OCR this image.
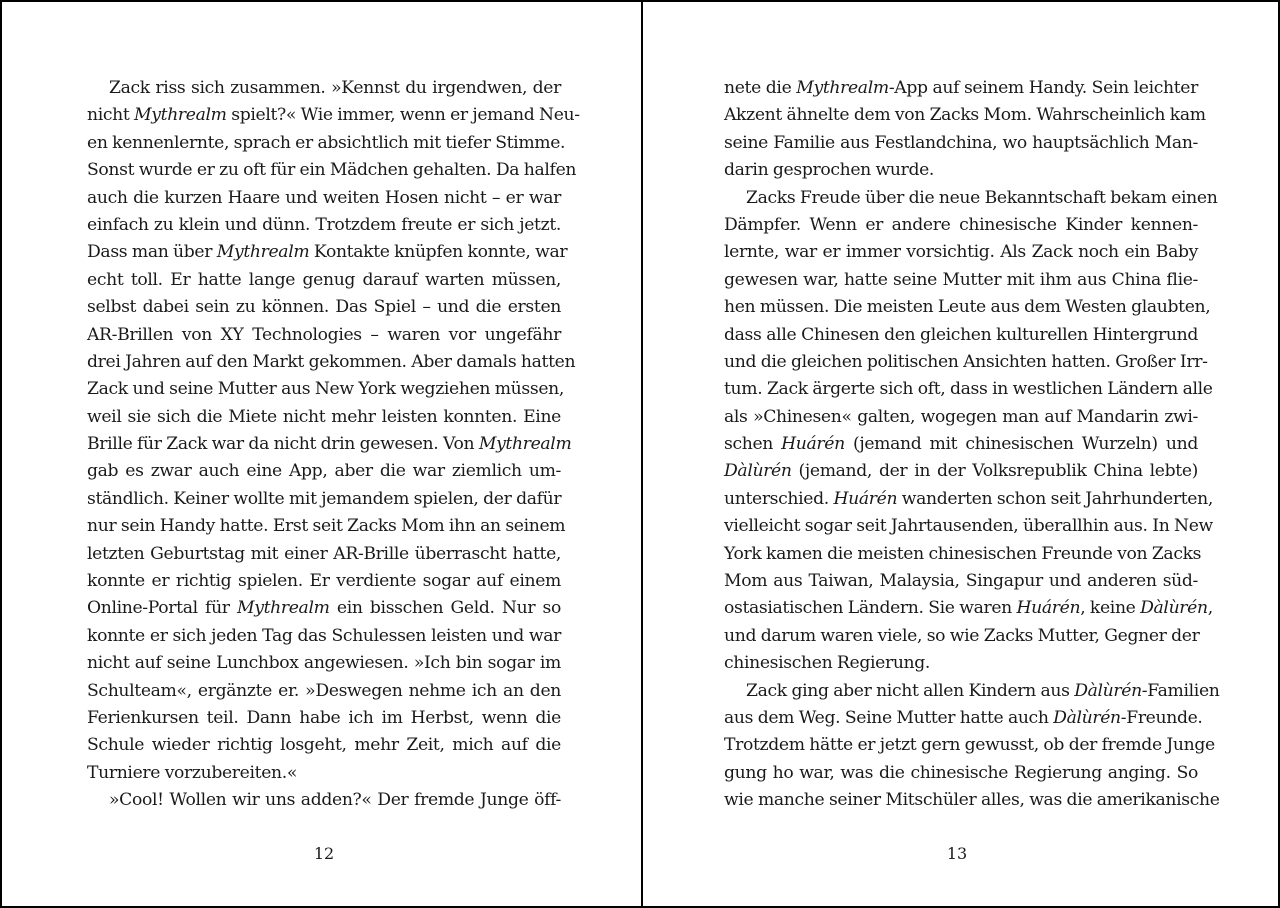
Zack riss sich zusammen. »Kennst du irgendwen, der
nicht Mythrealm spielt?« Wie immer, wenn er jemand Neu-
en kennenlernte, sprach er absichtlich mit tiefer Stimme.
Sonst wurde er zu oft für ein Mädchen gehalten. Da halfen
auch die kurzen Haare und weiten Hosen nicht – er war
einfach zu klein und dünn. Trotzdem freute er sich jetzt.
Dass man über Mythrealm Kontakte knüpfen konnte, war
echt toll. Er hatte lange genug darauf warten müssen,
selbst dabei sein zu können. Das Spiel – und die ersten
AR-Brillen von XY Technologies – waren vor ungefähr
drei Jahren auf den Markt gekommen. Aber damals hatten
Zack und seine Mutter aus New York wegziehen müssen,
weil sie sich die Miete nicht mehr leisten konnten. Eine
Brille für Zack war da nicht drin gewesen. Von Mythrealm
gab es zwar auch eine App, aber die war ziemlich um-
ständlich. Keiner wollte mit jemandem spielen, der dafür
nur sein Handy hatte. Erst seit Zacks Mom ihn an seinem
letzten Geburtstag mit einer AR-Brille überrascht hatte,
konnte er richtig spielen. Er verdiente sogar auf einem
Online-Portal für Mythrealm ein bisschen Geld. Nur so
konnte er sich jeden Tag das Schulessen leisten und war
nicht auf seine Lunchbox angewiesen. »Ich bin sogar im
Schulteam«, ergänzte er. »Deswegen nehme ich an den
Ferienkursen teil. Dann habe ich im Herbst, wenn die
Schule wieder richtig losgeht, mehr Zeit, mich auf die
Turniere vorzubereiten.«
»Cool! Wollen wir uns adden?« Der fremde Junge öff-
12
nete die Mythrealm-App auf seinem Handy. Sein leichter
Akzent ähnelte dem von Zacks Mom. Wahrscheinlich kam
seine Familie aus Festlandchina, wo hauptsächlich Man-
darin gesprochen wurde.
Zacks Freude über die neue Bekanntschaft bekam einen
Dämpfer. Wenn er andere chinesische Kinder kennen-
lernte, war er immer vorsichtig. Als Zack noch ein Baby
gewesen war, hatte seine Mutter mit ihm aus China flie-
hen müssen. Die meisten Leute aus dem Westen glaubten,
dass alle Chinesen den gleichen kulturellen Hintergrund
und die gleichen politischen Ansichten hatten. Großer Irr-
tum. Zack ärgerte sich oft, dass in westlichen Ländern alle
als »Chinesen« galten, wogegen man auf Mandarin zwi-
schen Huárén (jemand mit chinesischen Wurzeln) und
Dàlùrén (jemand, der in der Volksrepublik China lebte)
unterschied. Huárén wanderten schon seit Jahrhunderten,
vielleicht sogar seit Jahrtausenden, überallhin aus. In New
York kamen die meisten chinesischen Freunde von Zacks
Mom aus Taiwan, Malaysia, Singapur und anderen süd-
ostasiatischen Ländern. Sie waren Huárén, keine Dàlùrén,
und darum waren viele, so wie Zacks Mutter, Gegner der
chinesischen Regierung.
Zack ging aber nicht allen Kindern aus Dàlùrén-Familien
aus dem Weg. Seine Mutter hatte auch Dàlùrén-Freunde.
Trotzdem hätte er jetzt gern gewusst, ob der fremde Junge
gung ho war, was die chinesische Regierung anging. So
wie manche seiner Mitschüler alles, was die amerikanische
13
